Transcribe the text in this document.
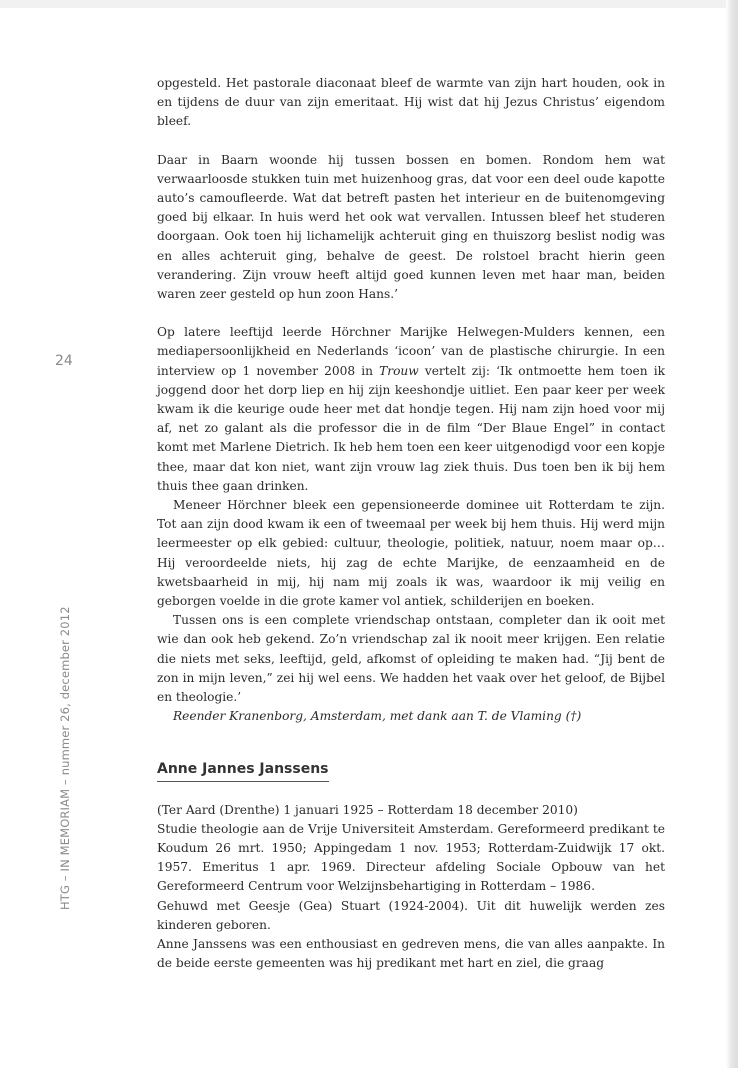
24
HTG – IN MEMORIAM – nummer 26, december 2012

opgesteld. Het pastorale diaconaat bleef de warmte van zijn hart houden, ook in en tijdens de duur van zijn emeritaat. Hij wist dat hij Jezus Christus’ eigendom bleef.

Daar in Baarn woonde hij tussen bossen en bomen. Rondom hem wat verwaarloosde stukken tuin met huizenhoog gras, dat voor een deel oude kapotte auto’s camoufleerde. Wat dat betreft pasten het interieur en de buitenomgeving goed bij elkaar. In huis werd het ook wat vervallen. Intussen bleef het studeren doorgaan. Ook toen hij lichamelijk achteruit ging en thuiszorg beslist nodig was en alles achteruit ging, behalve de geest. De rolstoel bracht hierin geen verandering. Zijn vrouw heeft altijd goed kunnen leven met haar man, beiden waren zeer gesteld op hun zoon Hans.’

Op latere leeftijd leerde Hörchner Marijke Helwegen-Mulders kennen, een mediapersoonlijkheid en Nederlands ‘icoon’ van de plastische chirurgie. In een interview op 1 november 2008 in Trouw vertelt zij: ‘Ik ontmoette hem toen ik joggend door het dorp liep en hij zijn keeshondje uitliet. Een paar keer per week kwam ik die keurige oude heer met dat hondje tegen. Hij nam zijn hoed voor mij af, net zo galant als die professor die in de film “Der Blaue Engel” in contact komt met Marlene Dietrich. Ik heb hem toen een keer uitgenodigd voor een kopje thee, maar dat kon niet, want zijn vrouw lag ziek thuis. Dus toen ben ik bij hem thuis thee gaan drinken.

Meneer Hörchner bleek een gepensioneerde dominee uit Rotterdam te zijn. Tot aan zijn dood kwam ik een of tweemaal per week bij hem thuis. Hij werd mijn leermeester op elk gebied: cultuur, theologie, politiek, natuur, noem maar op… Hij veroordeelde niets, hij zag de echte Marijke, de eenzaamheid en de kwetsbaarheid in mij, hij nam mij zoals ik was, waardoor ik mij veilig en geborgen voelde in die grote kamer vol antiek, schilderijen en boeken.

Tussen ons is een complete vriendschap ontstaan, completer dan ik ooit met wie dan ook heb gekend. Zo’n vriendschap zal ik nooit meer krijgen. Een relatie die niets met seks, leeftijd, geld, afkomst of opleiding te maken had. “Jij bent de zon in mijn leven,” zei hij wel eens. We hadden het vaak over het geloof, de Bijbel en theologie.’

Reender Kranenborg, Amsterdam, met dank aan T. de Vlaming (†)

Anne Jannes Janssens

(Ter Aard (Drenthe) 1 januari 1925 – Rotterdam 18 december 2010)

Studie theologie aan de Vrije Universiteit Amsterdam. Gereformeerd predikant te Koudum 26 mrt. 1950; Appingedam 1 nov. 1953; Rotterdam-Zuidwijk 17 okt. 1957. Emeritus 1 apr. 1969. Directeur afdeling Sociale Opbouw van het Gereformeerd Centrum voor Welzijnsbehartiging in Rotterdam – 1986.

Gehuwd met Geesje (Gea) Stuart (1924-2004). Uit dit huwelijk werden zes kinderen geboren.

Anne Janssens was een enthousiast en gedreven mens, die van alles aanpakte. In de beide eerste gemeenten was hij predikant met hart en ziel, die graag
